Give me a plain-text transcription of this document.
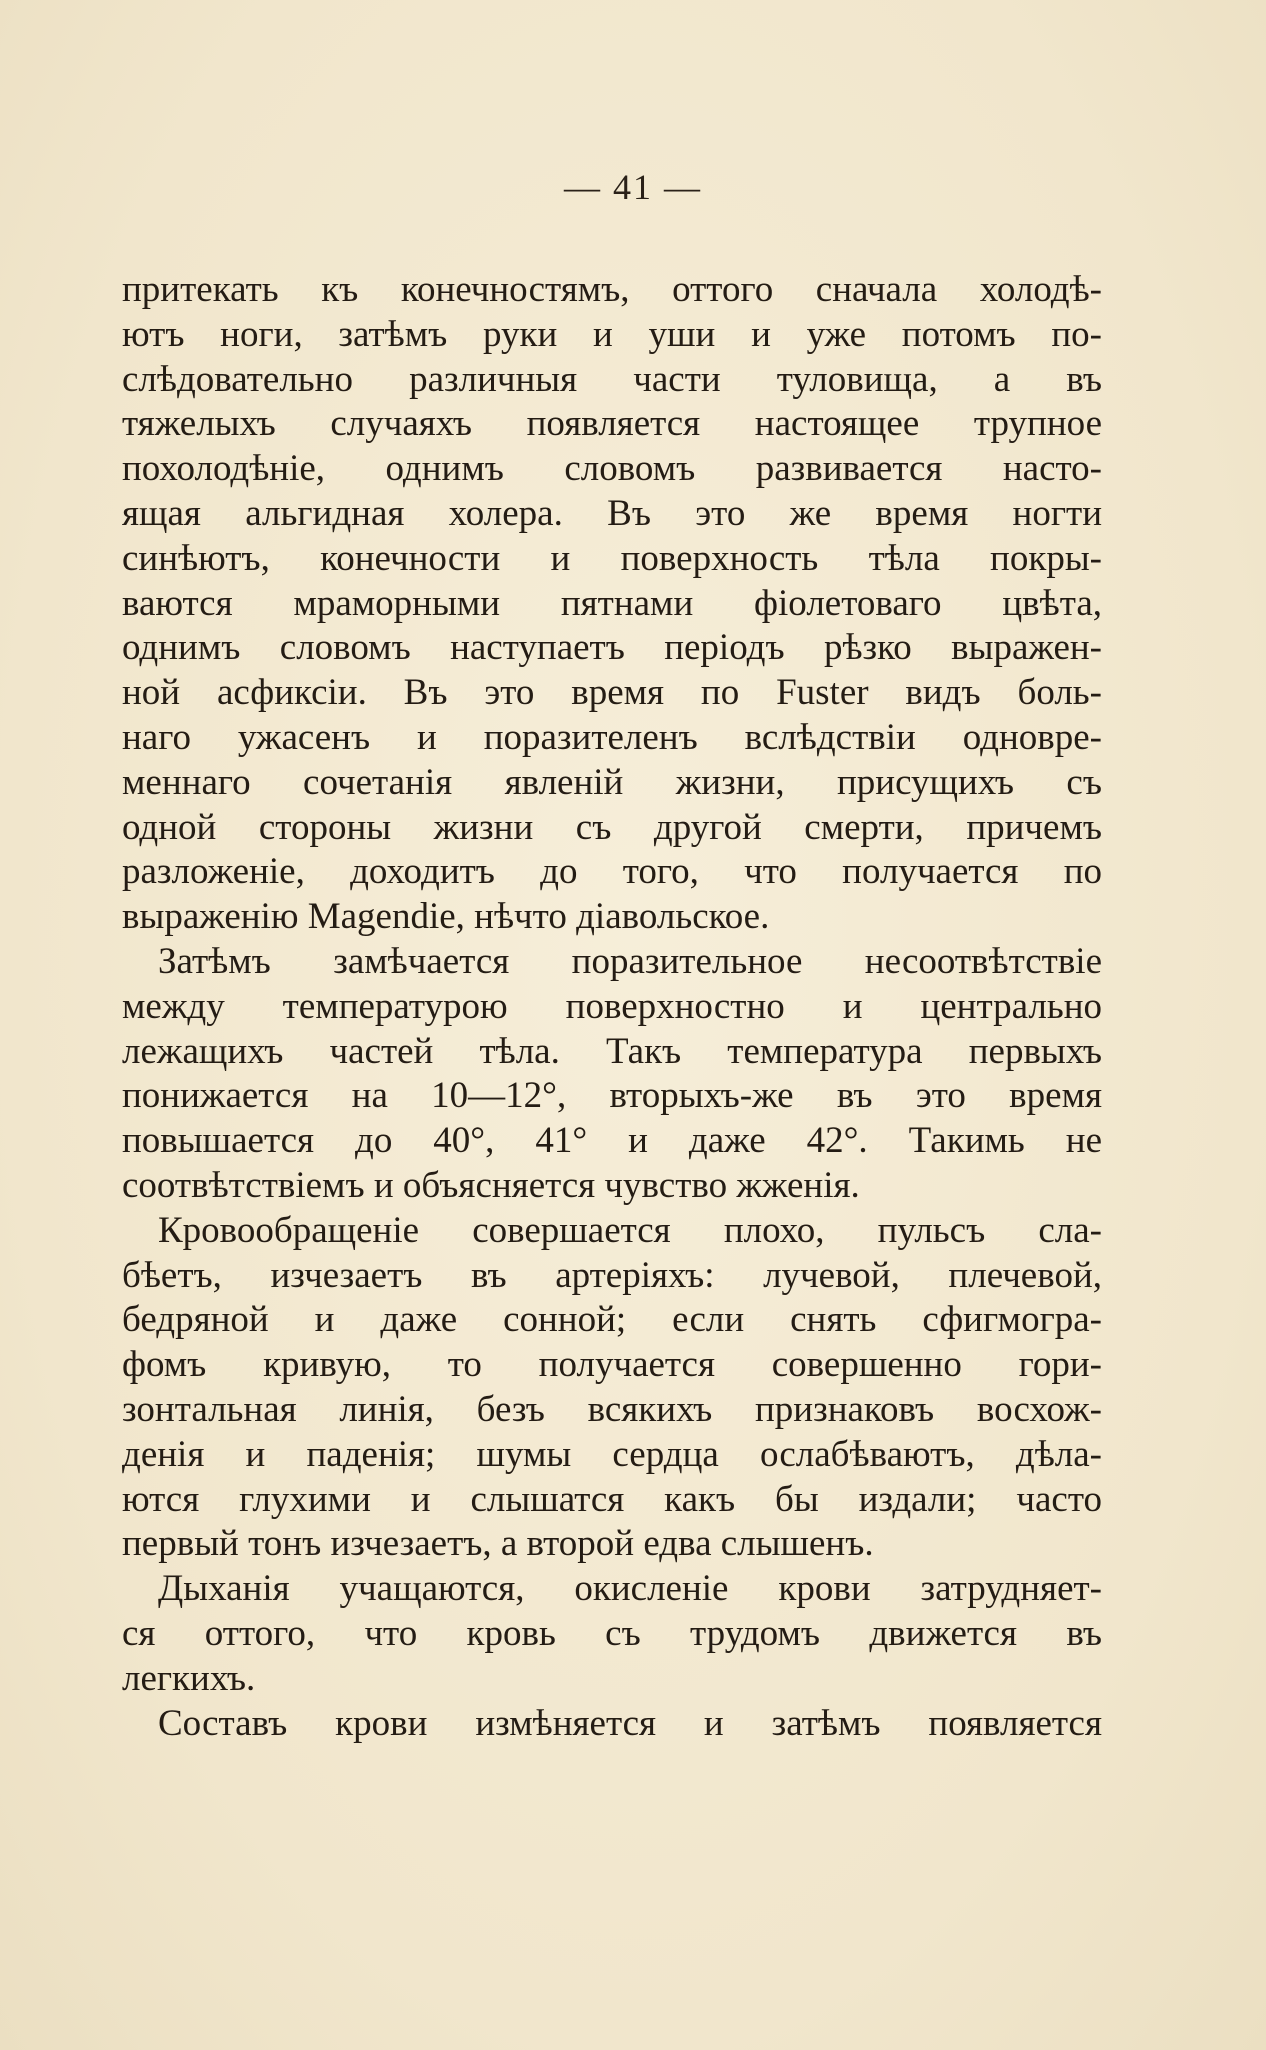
— 41 —
притекать къ конечностямъ, оттого сначала холодѣ-
ютъ ноги, затѣмъ руки и уши и уже потомъ по-
слѣдовательно различныя части туловища, а въ
тяжелыхъ случаяхъ появляется настоящее трупное
похолодѣніе, однимъ словомъ развивается насто-
ящая альгидная холера. Въ это же время ногти
синѣютъ, конечности и поверхность тѣла покры-
ваются мраморными пятнами фіолетоваго цвѣта,
однимъ словомъ наступаетъ періодъ рѣзко выражен-
ной асфиксіи. Въ это время по Fuster видъ боль-
наго ужасенъ и поразителенъ вслѣдствіи одновре-
меннаго сочетанія явленій жизни, присущихъ съ
одной стороны жизни съ другой смерти, причемъ
разложеніе, доходитъ до того, что получается по
выраженію Magendie, нѣчто діавольское.
Затѣмъ замѣчается поразительное несоотвѣтствіе
между температурою поверхностно и центрально
лежащихъ частей тѣла. Такъ температура первыхъ
понижается на 10—12°, вторыхъ-же въ это время
повышается до 40°, 41° и даже 42°. Такимь не
соотвѣтствіемъ и объясняется чувство жженія.
Кровообращеніе совершается плохо, пульсъ сла-
бѣетъ, изчезаетъ въ артеріяхъ: лучевой, плечевой,
бедряной и даже сонной; если снять сфигмогра-
фомъ кривую, то получается совершенно гори-
зонтальная линія, безъ всякихъ признаковъ восхож-
денія и паденія; шумы сердца ослабѣваютъ, дѣла-
ются глухими и слышатся какъ бы издали; часто
первый тонъ изчезаетъ, а второй едва слышенъ.
Дыханія учащаются, окисленіе крови затрудняет-
ся оттого, что кровь съ трудомъ движется въ
легкихъ.
Составъ крови измѣняется и затѣмъ появляется
